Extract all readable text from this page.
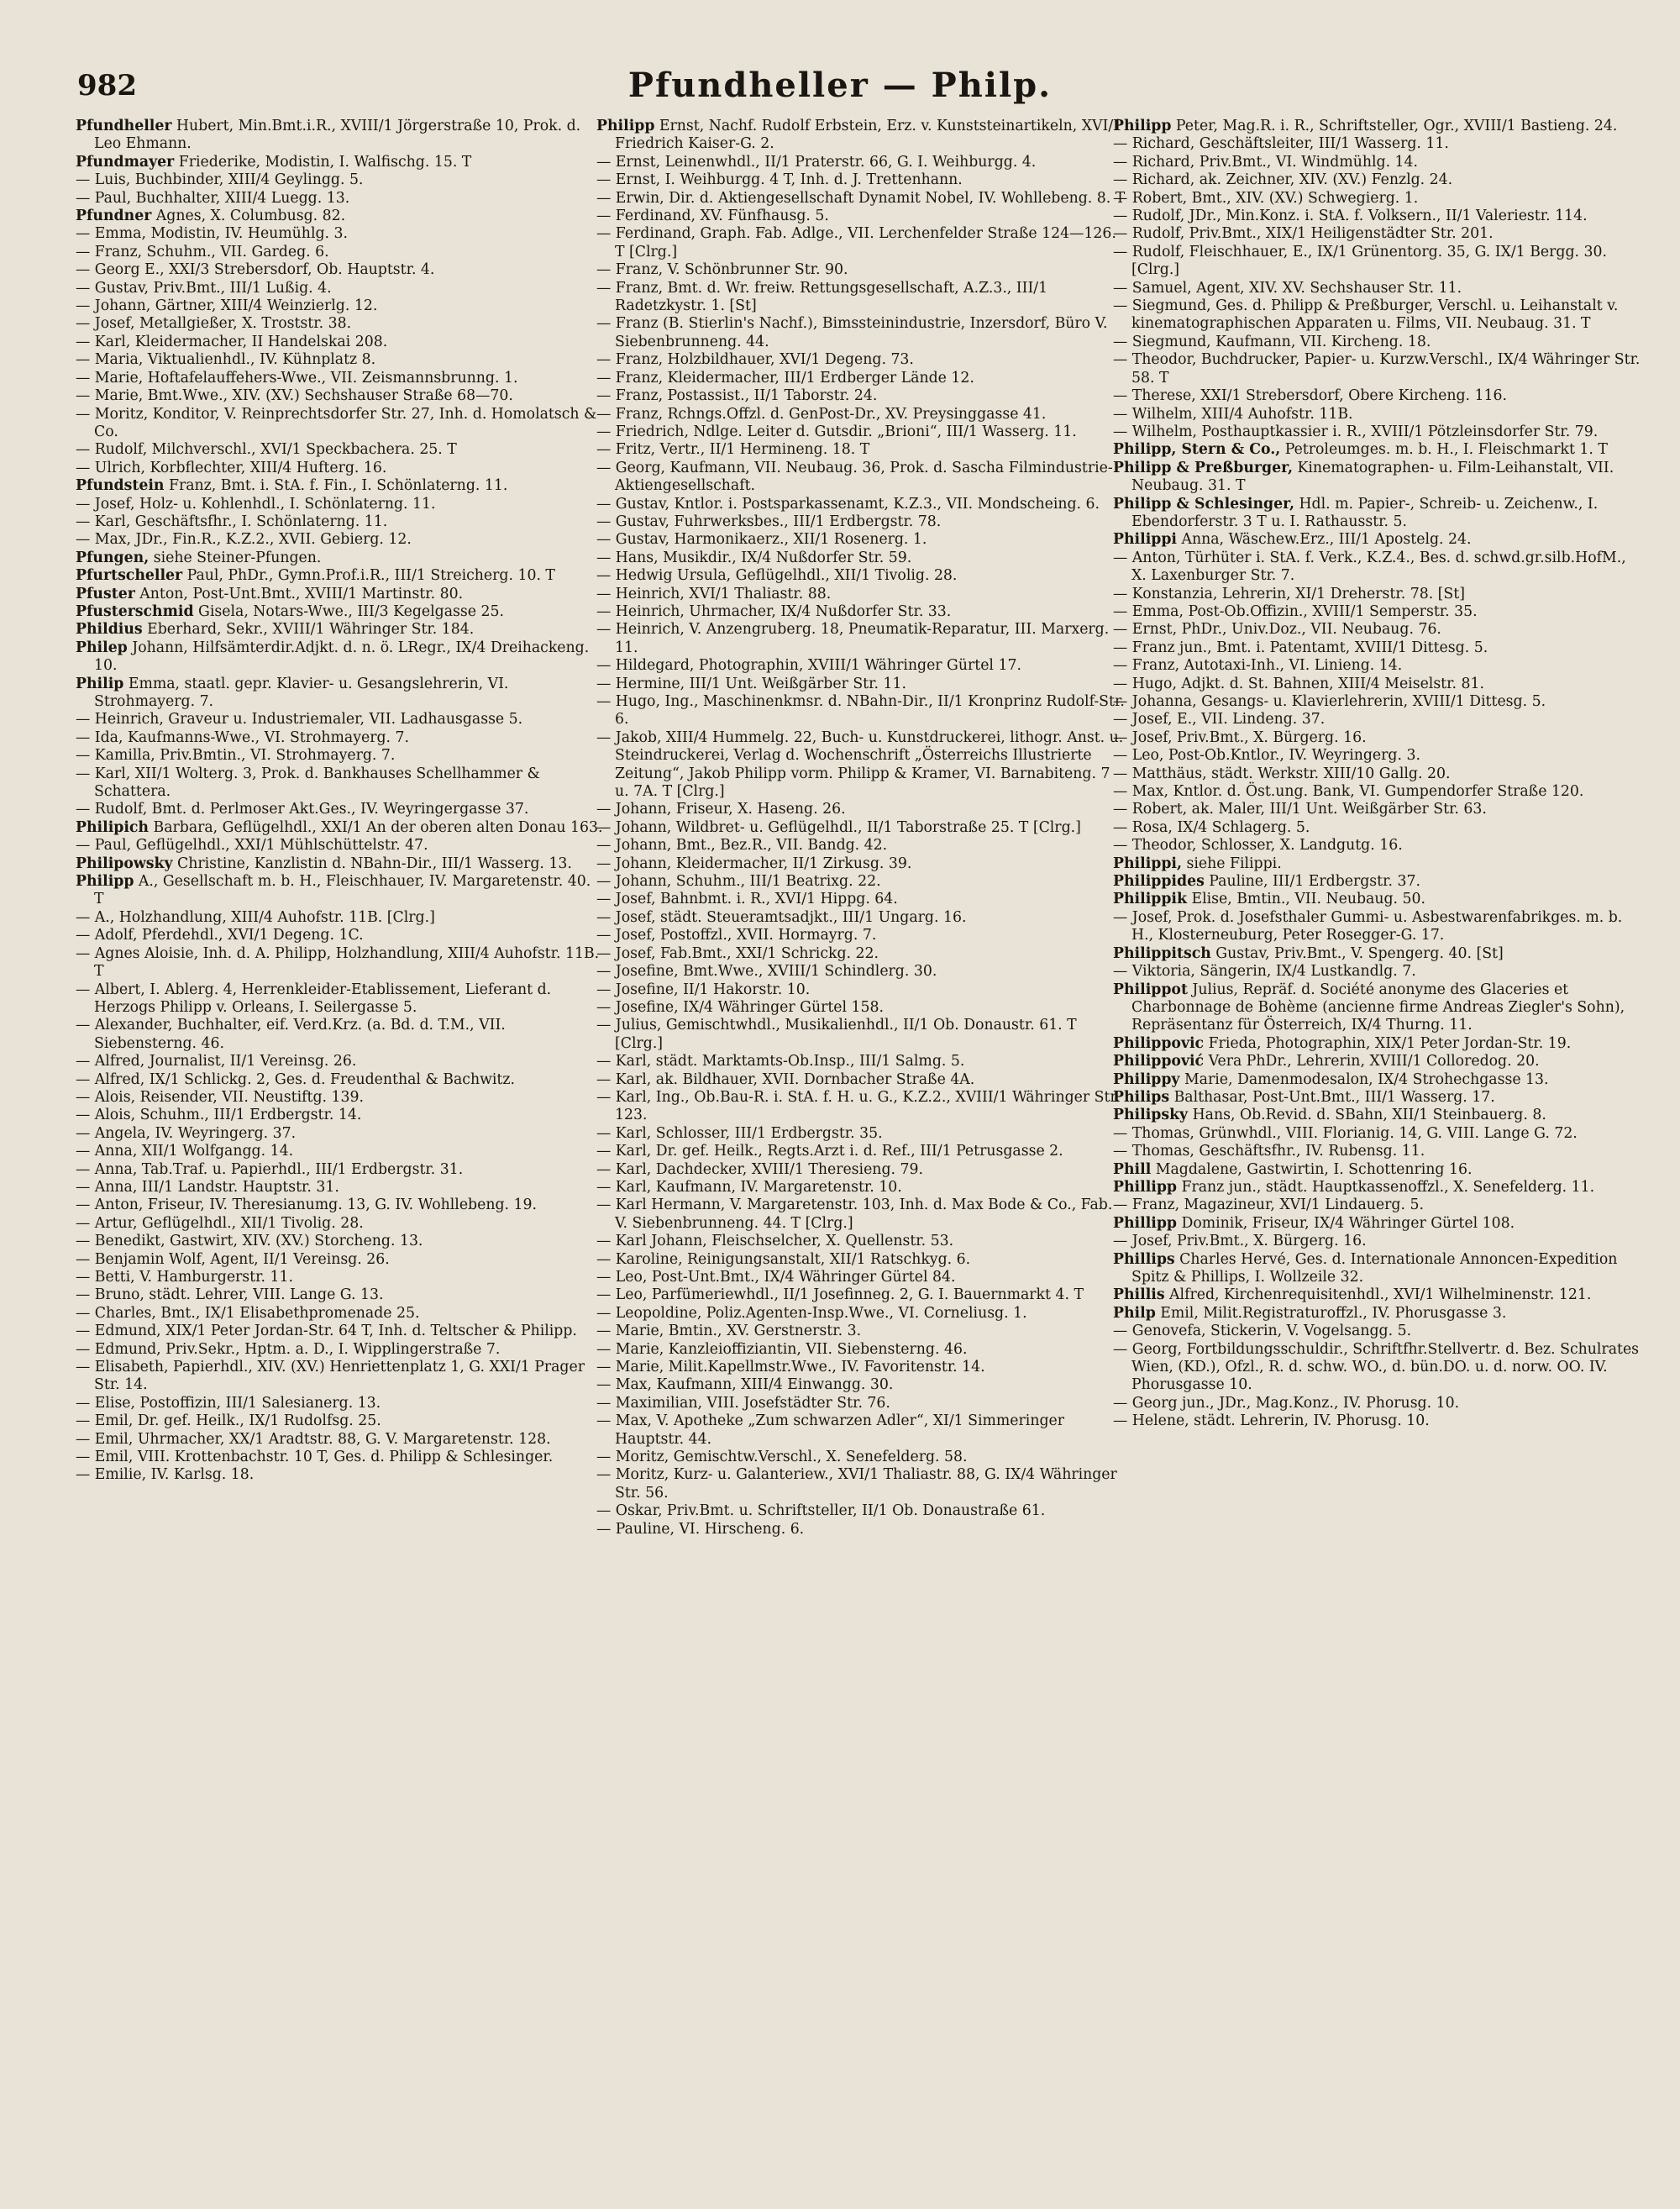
982	Pfundheller — Philp.

Pfundheller Hubert, Min.Bmt.i.R., XVIII/1 Jörgerstraße 10, Prok. d. Leo Ehmann.

Pfundmayer Friederike, Modistin, I. Walfischg. 15. T

— Luis, Buchbinder, XIII/4 Geylingg. 5.

— Paul, Buchhalter, XIII/4 Luegg. 13.

Pfundner Agnes, X. Columbusg. 82.

— Emma, Modistin, IV. Heumühlg. 3.

— Franz, Schuhm., VII. Gardeg. 6.

— Georg E., XXI/3 Strebersdorf, Ob. Hauptstr. 4.

— Gustav, Priv.Bmt., III/1 Lußig. 4.

— Johann, Gärtner, XIII/4 Weinzierlg. 12.

— Josef, Metallgießer, X. Troststr. 38.

— Karl, Kleidermacher, II Handelskai 208.

— Maria, Viktualienhdl., IV. Kühnplatz 8.

— Marie, Hoftafelauffehers-Wwe., VII. Zeismannsbrunng. 1.

— Marie, Bmt.Wwe., XIV. (XV.) Sechshauser Straße 68—70.

— Moritz, Konditor, V. Reinprechtsdorfer Str. 27, Inh. d. Homolatsch & Co.

— Rudolf, Milchverschl., XVI/1 Speckbachera. 25. T

— Ulrich, Korbflechter, XIII/4 Hufterg. 16.

Pfundstein Franz, Bmt. i. StA. f. Fin., I. Schönlaterng. 11.

— Josef, Holz- u. Kohlenhdl., I. Schönlaterng. 11.

— Karl, Geschäftsfhr., I. Schönlaterng. 11.

— Max, JDr., Fin.R., K.Z.2., XVII. Gebierg. 12.

Pfungen, siehe Steiner-Pfungen.

Pfurtscheller Paul, PhDr., Gymn.Prof.i.R., III/1 Streicherg. 10. T

Pfuster Anton, Post-Unt.Bmt., XVIII/1 Martinstr. 80.

Pfusterschmid Gisela, Notars-Wwe., III/3 Kegelgasse 25.

Phildius Eberhard, Sekr., XVIII/1 Währinger Str. 184.

Philep Johann, Hilfsämterdir.Adjkt. d. n. ö. LRegr., IX/4 Dreihackeng. 10.

Philip Emma, staatl. gepr. Klavier- u. Gesangslehrerin, VI. Strohmayerg. 7.

— Heinrich, Graveur u. Industriemaler, VII. Ladhausgasse 5.

— Ida, Kaufmanns-Wwe., VI. Strohmayerg. 7.

— Kamilla, Priv.Bmtin., VI. Strohmayerg. 7.

— Karl, XII/1 Wolterg. 3, Prok. d. Bankhauses Schellhammer & Schattera.

— Rudolf, Bmt. d. Perlmoser Akt.Ges., IV. Weyringergasse 37.

Philipich Barbara, Geflügelhdl., XXI/1 An der oberen alten Donau 163.

— Paul, Geflügelhdl., XXI/1 Mühlschüttelstr. 47.

Philipowsky Christine, Kanzlistin d. NBahn-Dir., III/1 Wasserg. 13.

Philipp A., Gesellschaft m. b. H., Fleischhauer, IV. Margaretenstr. 40. T

— A., Holzhandlung, XIII/4 Auhofstr. 11B. [Clrg.]

— Adolf, Pferdehdl., XVI/1 Degeng. 1C.

— Agnes Aloisie, Inh. d. A. Philipp, Holzhandlung, XIII/4 Auhofstr. 11B. T

— Albert, I. Ablerg. 4, Herrenkleider-Etablissement, Lieferant d. Herzogs Philipp v. Orleans, I. Seilergasse 5.

— Alexander, Buchhalter, eif. Verd.Krz. (a. Bd. d. T.M., VII. Siebensterng. 46.

— Alfred, Journalist, II/1 Vereinsg. 26.

— Alfred, IX/1 Schlickg. 2, Ges. d. Freudenthal & Bachwitz.

— Alois, Reisender, VII. Neustiftg. 139.

— Alois, Schuhm., III/1 Erdbergstr. 14.

— Angela, IV. Weyringerg. 37.

— Anna, XII/1 Wolfgangg. 14.

— Anna, Tab.Traf. u. Papierhdl., III/1 Erdbergstr. 31.

— Anna, III/1 Landstr. Hauptstr. 31.

— Anton, Friseur, IV. Theresianumg. 13, G. IV. Wohllebeng. 19.

— Artur, Geflügelhdl., XII/1 Tivolig. 28.

— Benedikt, Gastwirt, XIV. (XV.) Storcheng. 13.

— Benjamin Wolf, Agent, II/1 Vereinsg. 26.

— Betti, V. Hamburgerstr. 11.

— Bruno, städt. Lehrer, VIII. Lange G. 13.

— Charles, Bmt., IX/1 Elisabethpromenade 25.

— Edmund, XIX/1 Peter Jordan-Str. 64 T, Inh. d. Teltscher & Philipp.

— Edmund, Priv.Sekr., Hptm. a. D., I. Wipplingerstraße 7.

— Elisabeth, Papierhdl., XIV. (XV.) Henriettenplatz 1, G. XXI/1 Prager Str. 14.

— Elise, Postoffizin, III/1 Salesianerg. 13.

— Emil, Dr. gef. Heilk., IX/1 Rudolfsg. 25.

— Emil, Uhrmacher, XX/1 Aradtstr. 88, G. V. Margaretenstr. 128.

— Emil, VIII. Krottenbachstr. 10 T, Ges. d. Philipp & Schlesinger.

— Emilie, IV. Karlsg. 18.

Philipp Ernst, Nachf. Rudolf Erbstein, Erz. v. Kunststeinartikeln, XVI/1 Friedrich Kaiser-G. 2.

— Ernst, Leinenwhdl., II/1 Praterstr. 66, G. I. Weihburgg. 4.

— Ernst, I. Weihburgg. 4 T, Inh. d. J. Trettenhann.

— Erwin, Dir. d. Aktiengesellschaft Dynamit Nobel, IV. Wohllebeng. 8. T

— Ferdinand, XV. Fünfhausg. 5.

— Ferdinand, Graph. Fab. Adlge., VII. Lerchenfelder Straße 124—126. T [Clrg.]

— Franz, V. Schönbrunner Str. 90.

— Franz, Bmt. d. Wr. freiw. Rettungsgesellschaft, A.Z.3., III/1 Radetzkystr. 1. [St]

— Franz (B. Stierlin's Nachf.), Bimssteinindustrie, Inzersdorf, Büro V. Siebenbrunneng. 44.

— Franz, Holzbildhauer, XVI/1 Degeng. 73.

— Franz, Kleidermacher, III/1 Erdberger Lände 12.

— Franz, Postassist., II/1 Taborstr. 24.

— Franz, Rchngs.Offzl. d. GenPost-Dr., XV. Preysinggasse 41.

— Friedrich, Ndlge. Leiter d. Gutsdir. „Brioni“, III/1 Wasserg. 11.

— Fritz, Vertr., II/1 Hermineng. 18. T

— Georg, Kaufmann, VII. Neubaug. 36, Prok. d. Sascha Filmindustrie-Aktiengesellschaft.

— Gustav, Kntlor. i. Postsparkassenamt, K.Z.3., VII. Mondscheing. 6.

— Gustav, Fuhrwerksbes., III/1 Erdbergstr. 78.

— Gustav, Harmonikaerz., XII/1 Rosenerg. 1.

— Hans, Musikdir., IX/4 Nußdorfer Str. 59.

— Hedwig Ursula, Geflügelhdl., XII/1 Tivolig. 28.

— Heinrich, XVI/1 Thaliastr. 88.

— Heinrich, Uhrmacher, IX/4 Nußdorfer Str. 33.

— Heinrich, V. Anzengruberg. 18, Pneumatik-Reparatur, III. Marxerg. 11.

— Hildegard, Photographin, XVIII/1 Währinger Gürtel 17.

— Hermine, III/1 Unt. Weißgärber Str. 11.

— Hugo, Ing., Maschinenkmsr. d. NBahn-Dir., II/1 Kronprinz Rudolf-Str. 6.

— Jakob, XIII/4 Hummelg. 22, Buch- u. Kunstdruckerei, lithogr. Anst. u. Steindruckerei, Verlag d. Wochenschrift „Österreichs Illustrierte Zeitung“, Jakob Philipp vorm. Philipp & Kramer, VI. Barnabiteng. 7 u. 7A. T [Clrg.]

— Johann, Friseur, X. Haseng. 26.

— Johann, Wildbret- u. Geflügelhdl., II/1 Taborstraße 25. T [Clrg.]

— Johann, Bmt., Bez.R., VII. Bandg. 42.

— Johann, Kleidermacher, II/1 Zirkusg. 39.

— Johann, Schuhm., III/1 Beatrixg. 22.

— Josef, Bahnbmt. i. R., XVI/1 Hippg. 64.

— Josef, städt. Steueramtsadjkt., III/1 Ungarg. 16.

— Josef, Postoffzl., XVII. Hormayrg. 7.

— Josef, Fab.Bmt., XXI/1 Schrickg. 22.

— Josefine, Bmt.Wwe., XVIII/1 Schindlerg. 30.

— Josefine, II/1 Hakorstr. 10.

— Josefine, IX/4 Währinger Gürtel 158.

— Julius, Gemischtwhdl., Musikalienhdl., II/1 Ob. Donaustr. 61. T [Clrg.]

— Karl, städt. Marktamts-Ob.Insp., III/1 Salmg. 5.

— Karl, ak. Bildhauer, XVII. Dornbacher Straße 4A.

— Karl, Ing., Ob.Bau-R. i. StA. f. H. u. G., K.Z.2., XVIII/1 Währinger Str. 123.

— Karl, Schlosser, III/1 Erdbergstr. 35.

— Karl, Dr. gef. Heilk., Regts.Arzt i. d. Ref., III/1 Petrusgasse 2.

— Karl, Dachdecker, XVIII/1 Theresieng. 79.

— Karl, Kaufmann, IV. Margaretenstr. 10.

— Karl Hermann, V. Margaretenstr. 103, Inh. d. Max Bode & Co., Fab. V. Siebenbrunneng. 44. T [Clrg.]

— Karl Johann, Fleischselcher, X. Quellenstr. 53.

— Karoline, Reinigungsanstalt, XII/1 Ratschkyg. 6.

— Leo, Post-Unt.Bmt., IX/4 Währinger Gürtel 84.

— Leo, Parfümeriewhdl., II/1 Josefinneg. 2, G. I. Bauernmarkt 4. T

— Leopoldine, Poliz.Agenten-Insp.Wwe., VI. Corneliusg. 1.

— Marie, Bmtin., XV. Gerstnerstr. 3.

— Marie, Kanzleioffiziantin, VII. Siebensterng. 46.

— Marie, Milit.Kapellmstr.Wwe., IV. Favoritenstr. 14.

— Max, Kaufmann, XIII/4 Einwangg. 30.

— Maximilian, VIII. Josefstädter Str. 76.

— Max, V. Apotheke „Zum schwarzen Adler“, XI/1 Simmeringer Hauptstr. 44.

— Moritz, Gemischtw.Verschl., X. Senefelderg. 58.

— Moritz, Kurz- u. Galanteriew., XVI/1 Thaliastr. 88, G. IX/4 Währinger Str. 56.

— Oskar, Priv.Bmt. u. Schriftsteller, II/1 Ob. Donaustraße 61.

— Pauline, VI. Hirscheng. 6.

Philipp Peter, Mag.R. i. R., Schriftsteller, Ogr., XVIII/1 Bastieng. 24.

— Richard, Geschäftsleiter, III/1 Wasserg. 11.

— Richard, Priv.Bmt., VI. Windmühlg. 14.

— Richard, ak. Zeichner, XIV. (XV.) Fenzlg. 24.

— Robert, Bmt., XIV. (XV.) Schwegierg. 1.

— Rudolf, JDr., Min.Konz. i. StA. f. Volksern., II/1 Valeriestr. 114.

— Rudolf, Priv.Bmt., XIX/1 Heiligenstädter Str. 201.

— Rudolf, Fleischhauer, E., IX/1 Grünentorg. 35, G. IX/1 Bergg. 30. [Clrg.]

— Samuel, Agent, XIV. XV. Sechshauser Str. 11.

— Siegmund, Ges. d. Philipp & Preßburger, Verschl. u. Leihanstalt v. kinematographischen Apparaten u. Films, VII. Neubaug. 31. T

— Siegmund, Kaufmann, VII. Kircheng. 18.

— Theodor, Buchdrucker, Papier- u. Kurzw.Verschl., IX/4 Währinger Str. 58. T

— Therese, XXI/1 Strebersdorf, Obere Kircheng. 116.

— Wilhelm, XIII/4 Auhofstr. 11B.

— Wilhelm, Posthauptkassier i. R., XVIII/1 Pötzleinsdorfer Str. 79.

Philipp, Stern & Co., Petroleumges. m. b. H., I. Fleischmarkt 1. T

Philipp & Preßburger, Kinematographen- u. Film-Leihanstalt, VII. Neubaug. 31. T

Philipp & Schlesinger, Hdl. m. Papier-, Schreib- u. Zeichenw., I. Ebendorferstr. 3 T u. I. Rathausstr. 5.

Philippi Anna, Wäschew.Erz., III/1 Apostelg. 24.

— Anton, Türhüter i. StA. f. Verk., K.Z.4., Bes. d. schwd.gr.silb.HofM., X. Laxenburger Str. 7.

— Konstanzia, Lehrerin, XI/1 Dreherstr. 78. [St]

— Emma, Post-Ob.Offizin., XVIII/1 Semperstr. 35.

— Ernst, PhDr., Univ.Doz., VII. Neubaug. 76.

— Franz jun., Bmt. i. Patentamt, XVIII/1 Dittesg. 5.

— Franz, Autotaxi-Inh., VI. Linieng. 14.

— Hugo, Adjkt. d. St. Bahnen, XIII/4 Meiselstr. 81.

— Johanna, Gesangs- u. Klavierlehrerin, XVIII/1 Dittesg. 5.

— Josef, E., VII. Lindeng. 37.

— Josef, Priv.Bmt., X. Bürgerg. 16.

— Leo, Post-Ob.Kntlor., IV. Weyringerg. 3.

— Matthäus, städt. Werkstr. XIII/10 Gallg. 20.

— Max, Kntlor. d. Öst.ung. Bank, VI. Gumpendorfer Straße 120.

— Robert, ak. Maler, III/1 Unt. Weißgärber Str. 63.

— Rosa, IX/4 Schlagerg. 5.

— Theodor, Schlosser, X. Landgutg. 16.

Philippi, siehe Filippi.

Philippides Pauline, III/1 Erdbergstr. 37.

Philippik Elise, Bmtin., VII. Neubaug. 50.

— Josef, Prok. d. Josefsthaler Gummi- u. Asbestwarenfabrikges. m. b. H., Klosterneuburg, Peter Rosegger-G. 17.

Philippitsch Gustav, Priv.Bmt., V. Spengerg. 40. [St]

— Viktoria, Sängerin, IX/4 Lustkandlg. 7.

Philippot Julius, Repräf. d. Société anonyme des Glaceries et Charbonnage de Bohème (ancienne firme Andreas Ziegler's Sohn), Repräsentanz für Österreich, IX/4 Thurng. 11.

Philippovic Frieda, Photographin, XIX/1 Peter Jordan-Str. 19.

Philippović Vera PhDr., Lehrerin, XVIII/1 Colloredog. 20.

Philippy Marie, Damenmodesalon, IX/4 Strohechgasse 13.

Philips Balthasar, Post-Unt.Bmt., III/1 Wasserg. 17.

Philipsky Hans, Ob.Revid. d. SBahn, XII/1 Steinbauerg. 8.

— Thomas, Grünwhdl., VIII. Florianig. 14, G. VIII. Lange G. 72.

— Thomas, Geschäftsfhr., IV. Rubensg. 11.

Phill Magdalene, Gastwirtin, I. Schottenring 16.

Phillipp Franz jun., städt. Hauptkassenoffzl., X. Senefelderg. 11.

— Franz, Magazineur, XVI/1 Lindauerg. 5.

Phillipp Dominik, Friseur, IX/4 Währinger Gürtel 108.

— Josef, Priv.Bmt., X. Bürgerg. 16.

Phillips Charles Hervé, Ges. d. Internationale Annoncen-Expedition Spitz & Phillips, I. Wollzeile 32.

Phillis Alfred, Kirchenrequisitenhdl., XVI/1 Wilhelminenstr. 121.

Philp Emil, Milit.Registraturoffzl., IV. Phorusgasse 3.

— Genovefa, Stickerin, V. Vogelsangg. 5.

— Georg, Fortbildungsschuldir., Schriftfhr.Stellvertr. d. Bez. Schulrates Wien, (KD.), Ofzl., R. d. schw. WO., d. bün.DO. u. d. norw. OO. IV. Phorusgasse 10.

— Georg jun., JDr., Mag.Konz., IV. Phorusg. 10.

— Helene, städt. Lehrerin, IV. Phorusg. 10.
